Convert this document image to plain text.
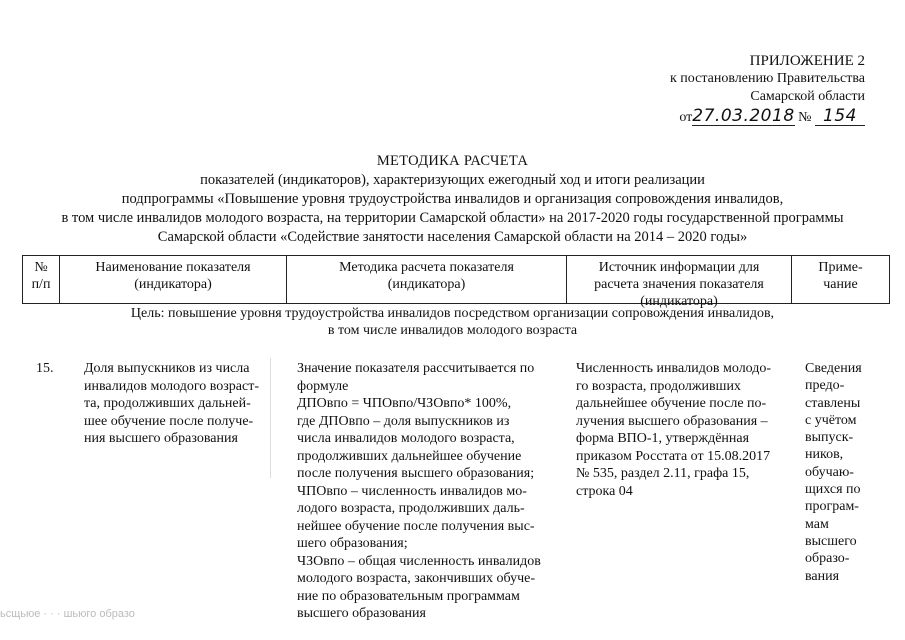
ПРИЛОЖЕНИЕ 2
к постановлению Правительства
Самарской области
от27.03.2018 № 154
МЕТОДИКА РАСЧЕТА
показателей (индикаторов), характеризующих ежегодный ход и итоги реализации
подпрограммы «Повышение уровня трудоустройства инвалидов и организация сопровождения инвалидов,
в том числе инвалидов молодого возраста, на территории Самарской области» на 2017-2020 годы государственной программы
Самарской области «Содействие занятости населения Самарской области на 2014 – 2020 годы»
№
п/п
Наименование показателя
(индикатора)
Методика расчета показателя
(индикатора)
Источник информации для
расчета значения показателя
(индикатора)
Приме-
чание
Цель: повышение уровня трудоустройства инвалидов посредством организации сопровождения инвалидов,
в том числе инвалидов молодого возраста
15. Доля выпускников из числа
инвалидов молодого возраст-
та, продолживших дальней-
шее обучение после получе-
ния высшего образования
Значение показателя рассчитывается по
формуле
ДПОвпо = ЧПОвпо/ЧЗОвпо* 100%,
где ДПОвпо – доля выпускников из
числа инвалидов молодого возраста,
продолживших дальнейшее обучение
после получения высшего образования;
ЧПОвпо – численность инвалидов мо-
лодого возраста, продолживших даль-
нейшее обучение после получения выс-
шего образования;
ЧЗОвпо – общая численность инвалидов
молодого возраста, закончивших обуче-
ние по образовательным программам
высшего образования
Численность инвалидов молодо-
го возраста, продолживших
дальнейшее обучение после по-
лучения высшего образования –
форма ВПО-1, утверждённая
приказом Росстата от 15.08.2017
№ 535, раздел 2.11, графа 15,
строка 04
Сведения
предо-
ставлены
с учётом
выпуск-
ников,
обучаю-
щихся по
програм-
мам
высшего
образо-
вания
ьсщьюе · · · шьюго образо
